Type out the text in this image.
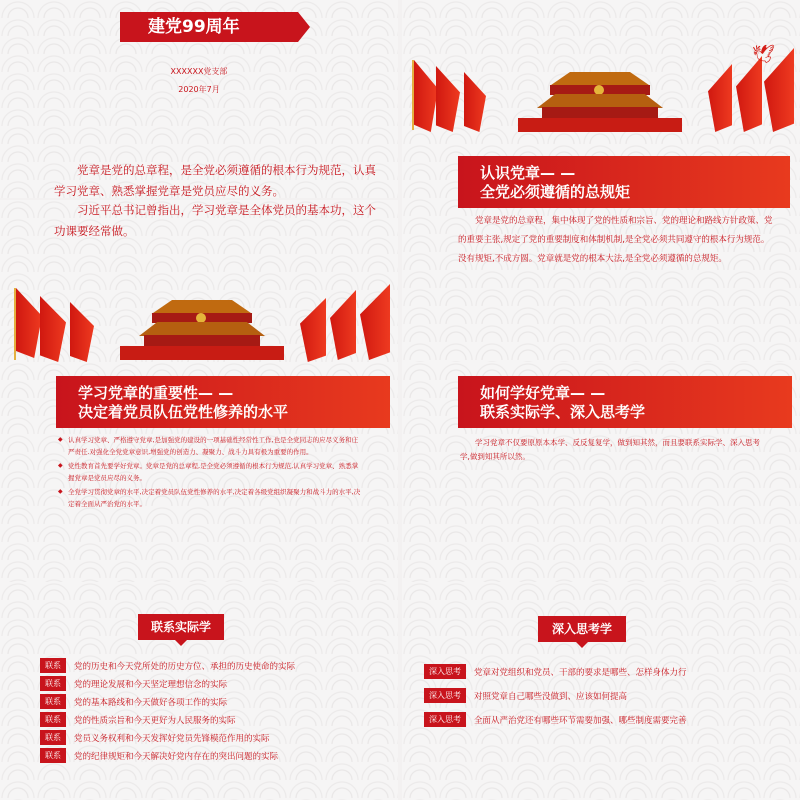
建党99周年
XXXXXX党支部
2020年7月
党章是党的总章程，是全党必须遵循的根本行为规范，认真学习党章、熟悉掌握党章是党员应尽的义务。
习近平总书记曾指出，学习党章是全体党员的基本功，这个功课要经常做。
🕊
认识党章— —
全党必须遵循的总规矩
党章是党的总章程，集中体现了党的性质和宗旨、党的理论和路线方针政策、党的重要主张,规定了党的重要制度和体制机制,是全党必须共同遵守的根本行为规范。没有规矩,不成方圆。党章就是党的根本大法,是全党必须遵循的总规矩。
学习党章的重要性— —
决定着党员队伍党性修养的水平
◆ 认真学习党章、严格遵守党章,是加强党的建设的一项基础性经常性工作,也是全党同志的应尽义务和庄严责任.对强化全党党章意识,增强党的创造力、凝聚力、战斗力具有极为重要的作用。
◆ 党性教育首先要学好党章。党章是党的总章程,是全党必须遵循的根本行为规范,认真学习党章、熟悉掌握党章是党员应尽的义务。
◆ 全党学习贯彻党章的水平,决定着党员队伍党性修养的水平,决定着各级党组织凝聚力和战斗力的水平,决定着全面从严治党的水平。
如何学好党章— —
联系实际学、深入思考学
学习党章不仅要原原本本学、反反复复学，做到知其然，而且要联系实际学、深入思考学,做到知其所以然。
联系实际学
联系	党的历史和今天党所处的历史方位、承担的历史使命的实际
联系	党的理论发展和今天坚定理想信念的实际
联系	党的基本路线和今天做好各项工作的实际
联系	党的性质宗旨和今天更好为人民服务的实际
联系	党员义务权利和今天发挥好党员先锋模范作用的实际
联系	党的纪律规矩和今天解决好党内存在的突出问题的实际
深入思考学
深入思考	党章对党组织和党员、干部的要求是哪些、怎样身体力行
深入思考	对照党章自己哪些没做到、应该如何提高
深入思考	全面从严治党还有哪些环节需要加强、哪些制度需要完善
